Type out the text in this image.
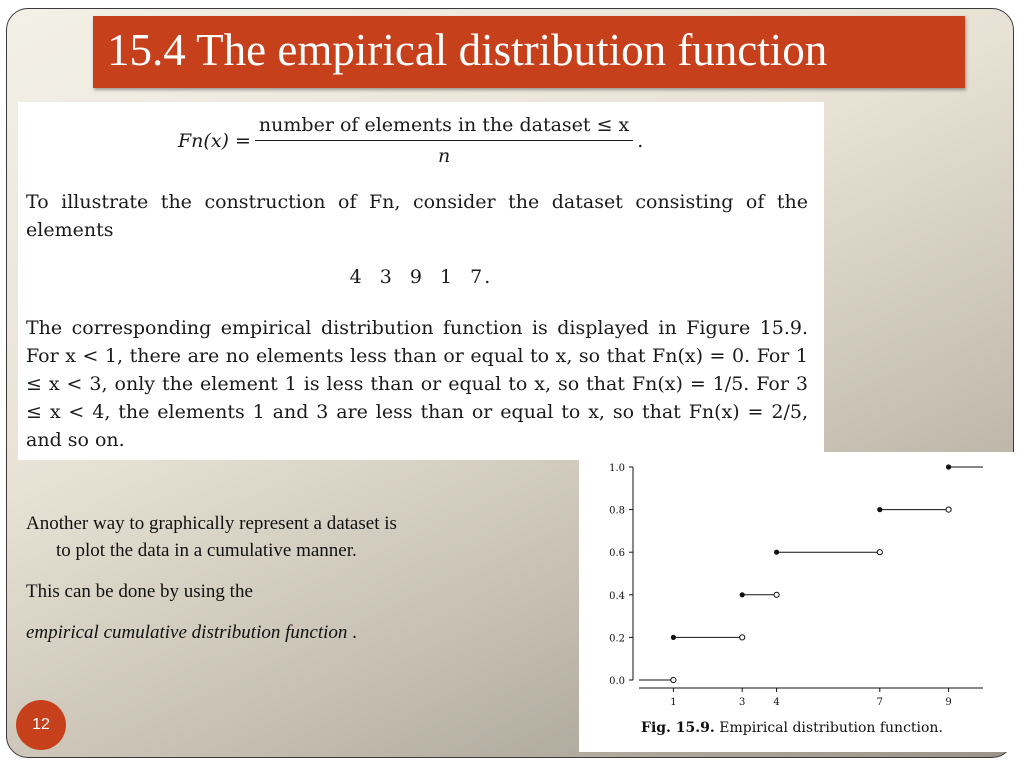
15.4 The empirical distribution function
$Fn(x) = \frac{\text{number of elements in the dataset ≤ x}}{n}$ .
To illustrate the construction of Fn, consider the dataset consisting of the elements
4 3 9 1 7.
The corresponding empirical distribution function is displayed in Figure 15.9. For x < 1, there are no elements less than or equal to x, so that Fn(x) = 0. For 1 ≤ x < 3, only the element 1 is less than or equal to x, so that Fn(x) = 1/5. For 3 ≤ x < 4, the elements 1 and 3 are less than or equal to x, so that Fn(x) = 2/5, and so on.
Another way to graphically represent a dataset is
to plot the data in a cumulative manner.
This can be done by using the
empirical cumulative distribution function .
0.0
0.2
0.4
0.6
0.8
1.0
1	3	4	7	9
Fig. 15.9. Empirical distribution function.
12
